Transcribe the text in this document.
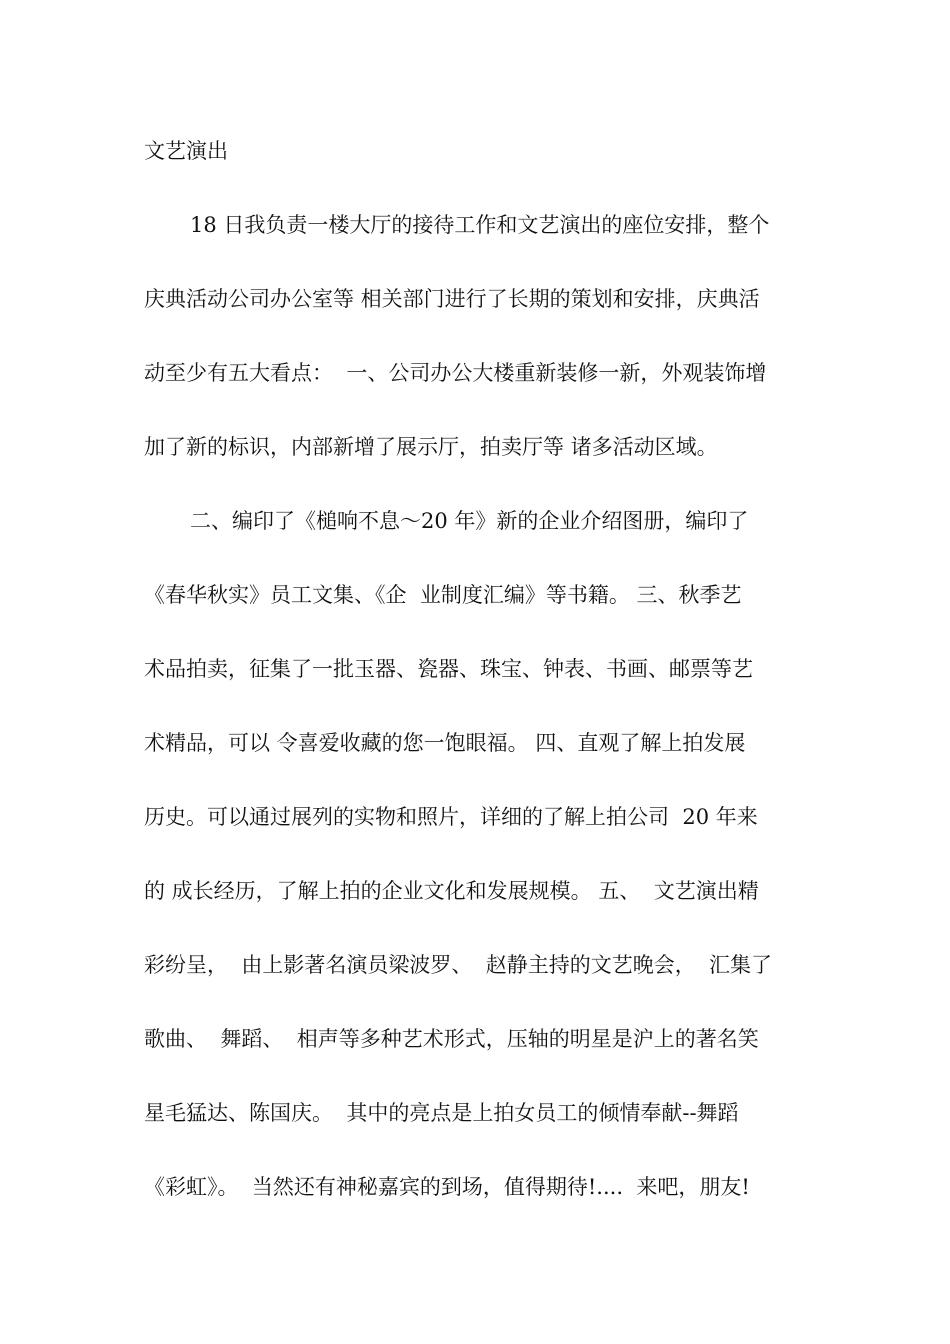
文艺演出
18 日我负责一楼大厅的接待工作和文艺演出的座位安排，整个
庆典活动公司办公室等 相关部门进行了长期的策划和安排，庆典活
动至少有五大看点：  一、公司办公大楼重新装修一新，外观装饰增
加了新的标识，内部新增了展示厅，拍卖厅等 诸多活动区域。
二、编印了《槌响不息～20 年》新的企业介绍图册，编印了
《春华秋实》员工文集、《企  业制度汇编》等书籍。 三、秋季艺
术品拍卖，征集了一批玉器、瓷器、珠宝、钟表、书画、邮票等艺
术精品，可以 令喜爱收藏的您一饱眼福。 四、直观了解上拍发展
历史。可以通过展列的实物和照片，详细的了解上拍公司  20 年来
的 成长经历，了解上拍的企业文化和发展规模。 五、  文艺演出精
彩纷呈，  由上影著名演员梁波罗、  赵静主持的文艺晚会，  汇集了
歌曲、  舞蹈、  相声等多种艺术形式，压轴的明星是沪上的著名笑
星毛猛达、陈国庆。  其中的亮点是上拍女员工的倾情奉献--舞蹈
《彩虹》。  当然还有神秘嘉宾的到场，值得期待!....  来吧，朋友!
